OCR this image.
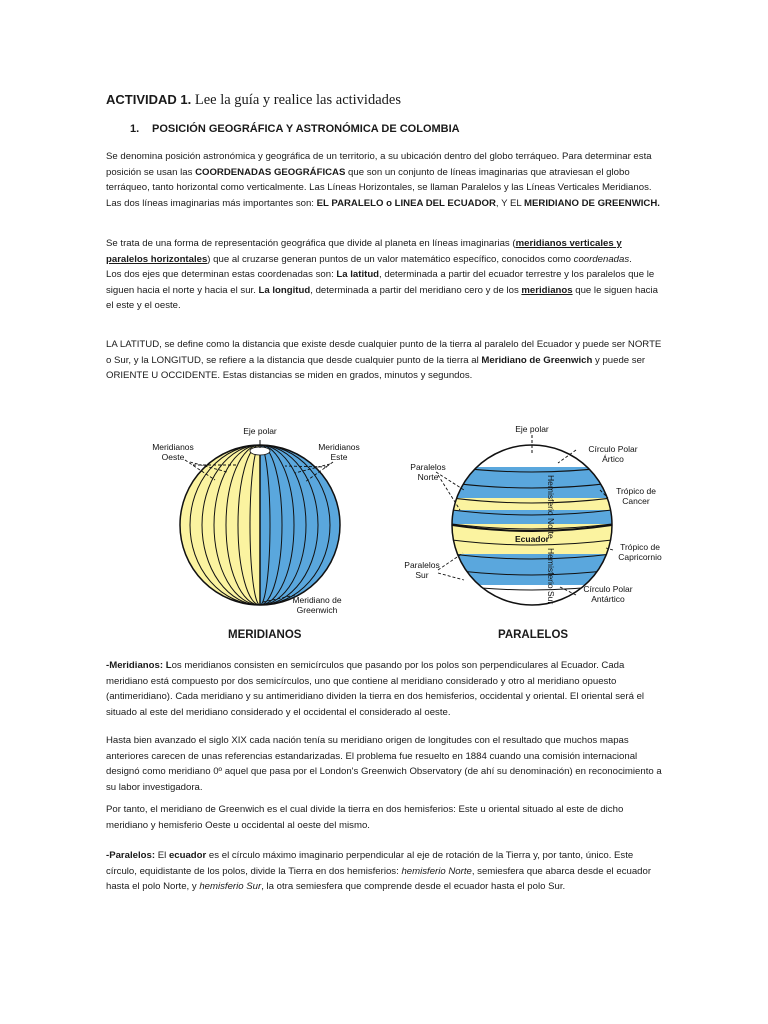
ACTIVIDAD 1. Lee la guía y realice las actividades
1. POSICIÓN GEOGRÁFICA Y ASTRONÓMICA DE COLOMBIA
Se denomina posición astronómica y geográfica de un territorio, a su ubicación dentro del globo terráqueo. Para determinar esta posición se usan las COORDENADAS GEOGRÁFICAS que son un conjunto de líneas imaginarias que atraviesan el globo terráqueo, tanto horizontal como verticalmente. Las Líneas Horizontales, se llaman Paralelos y las Líneas Verticales Meridianos. Las dos líneas imaginarias más importantes son: EL PARALELO o LINEA DEL ECUADOR, Y EL MERIDIANO DE GREENWICH.
Se trata de una forma de representación geográfica que divide al planeta en líneas imaginarias (meridianos verticales y paralelos horizontales) que al cruzarse generan puntos de un valor matemático específico, conocidos como coordenadas.
Los dos ejes que determinan estas coordenadas son: La latitud, determinada a partir del ecuador terrestre y los paralelos que le siguen hacia el norte y hacia el sur. La longitud, determinada a partir del meridiano cero y de los meridianos que le siguen hacia el este y el oeste.
LA LATITUD, se define como la distancia que existe desde cualquier punto de la tierra al paralelo del Ecuador y puede ser NORTE o Sur, y la LONGITUD, se refiere a la distancia que desde cualquier punto de la tierra al Meridiano de Greenwich y puede ser ORIENTE U OCCIDENTE. Estas distancias se miden en grados, minutos y segundos.
Eje polar
Meridianos
Oeste
Meridianos
Este
Meridiano de
Greenwich
Eje polar
Círculo Polar
Ártico
Paralelos
Norte
Trópico de
Cancer
Ecuador
Trópico de
Capricornio
Paralelos
Sur
Círculo Polar
Antártico
Hemisferio Norte
Hemisferio Sur
MERIDIANOS	PARALELOS
-Meridianos: Los meridianos consisten en semicírculos que pasando por los polos son perpendiculares al Ecuador. Cada meridiano está compuesto por dos semicírculos, uno que contiene al meridiano considerado y otro al meridiano opuesto (antimeridiano). Cada meridiano y su antimeridiano dividen la tierra en dos hemisferios, occidental y oriental. El oriental será el situado al este del meridiano considerado y el occidental el considerado al oeste.
Hasta bien avanzado el siglo XIX cada nación tenía su meridiano origen de longitudes con el resultado que muchos mapas anteriores carecen de unas referencias estandarizadas. El problema fue resuelto en 1884 cuando una comisión internacional designó como meridiano 0º aquel que pasa por el London's Greenwich Observatory (de ahí su denominación) en reconocimiento a su labor investigadora.
Por tanto, el meridiano de Greenwich es el cual divide la tierra en dos hemisferios: Este u oriental situado al este de dicho meridiano y hemisferio Oeste u occidental al oeste del mismo.
-Paralelos: El ecuador es el círculo máximo imaginario perpendicular al eje de rotación de la Tierra y, por tanto, único. Este círculo, equidistante de los polos, divide la Tierra en dos hemisferios: hemisferio Norte, semiesfera que abarca desde el ecuador hasta el polo Norte, y hemisferio Sur, la otra semiesfera que comprende desde el ecuador hasta el polo Sur.
